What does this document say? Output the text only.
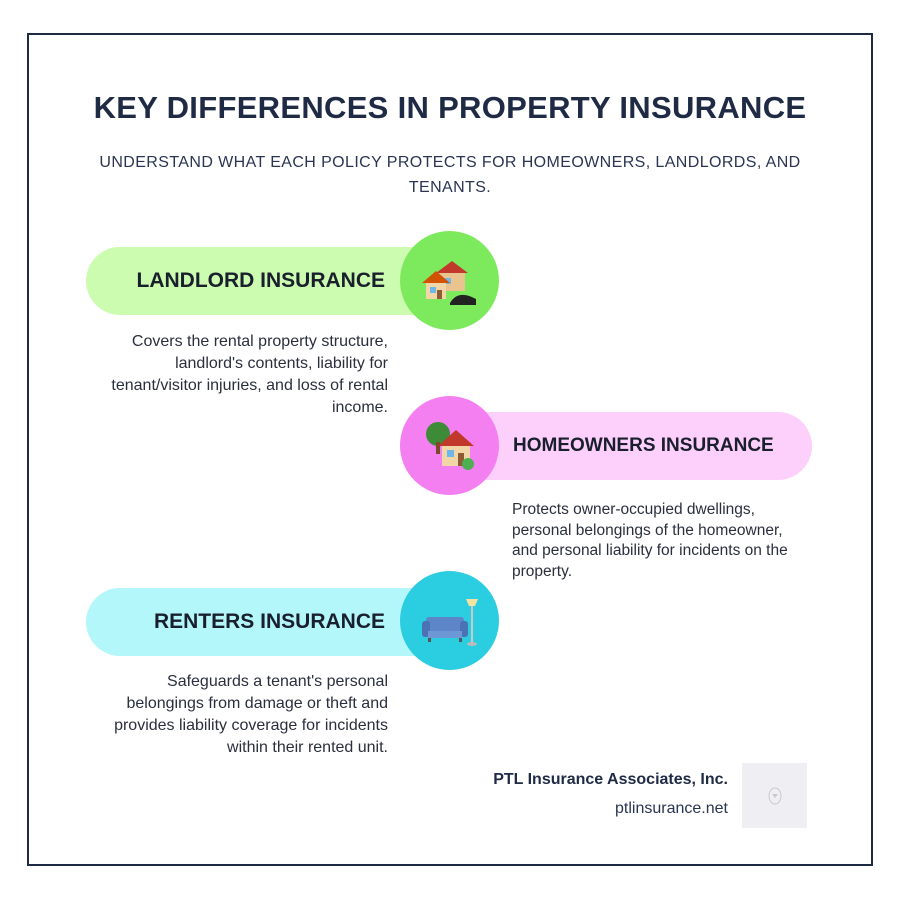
KEY DIFFERENCES IN PROPERTY INSURANCE
UNDERSTAND WHAT EACH POLICY PROTECTS FOR HOMEOWNERS, LANDLORDS, AND TENANTS.
LANDLORD INSURANCE
Covers the rental property structure, landlord's contents, liability for tenant/visitor injuries, and loss of rental income.
HOMEOWNERS INSURANCE
Protects owner-occupied dwellings, personal belongings of the homeowner, and personal liability for incidents on the property.
RENTERS INSURANCE
Safeguards a tenant's personal belongings from damage or theft and provides liability coverage for incidents within their rented unit.
PTL Insurance Associates, Inc.
ptlinsurance.net
